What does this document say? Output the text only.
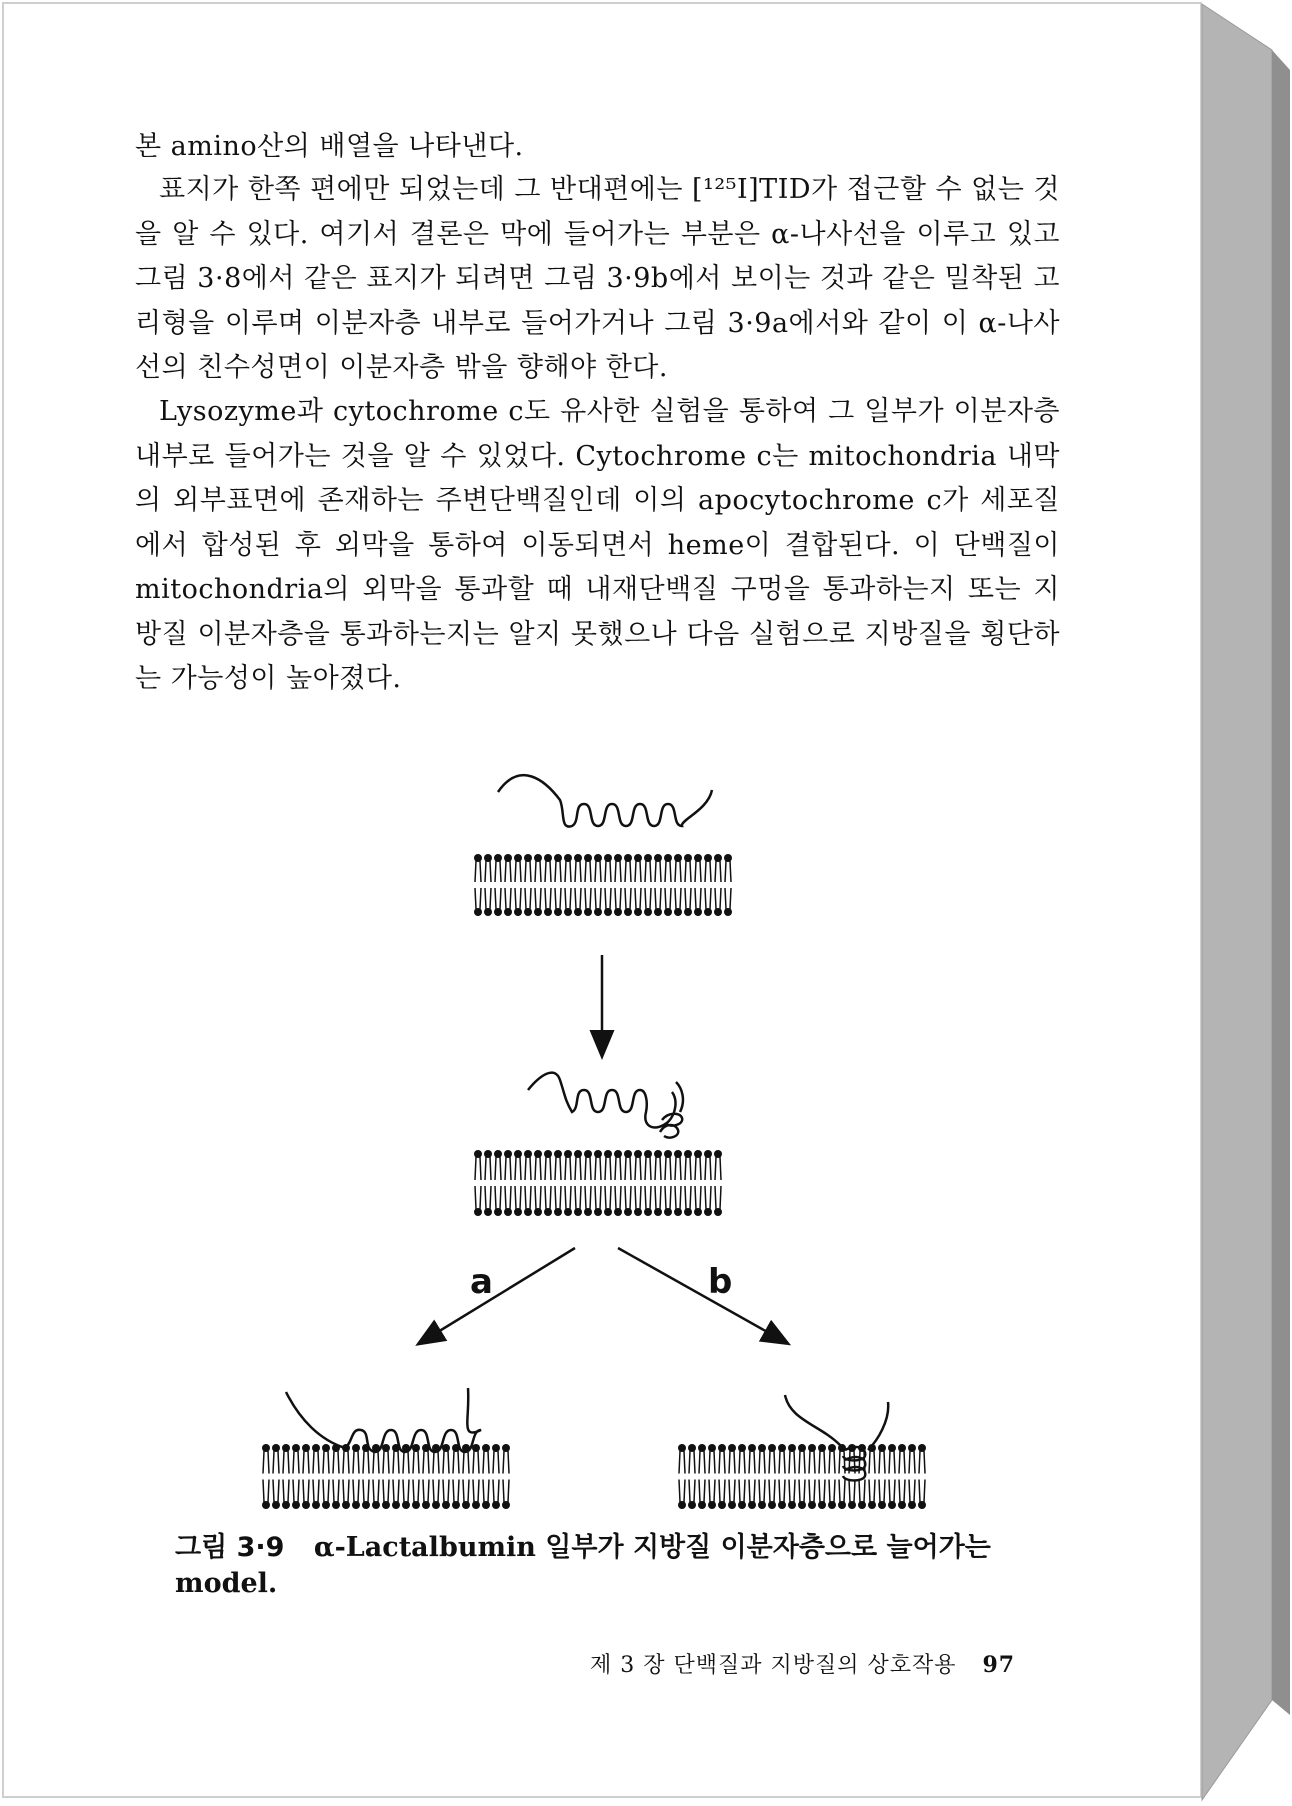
본 amino산의 배열을 나타낸다.

표지가 한쪽 편에만 되었는데 그 반대편에는 [¹²⁵I]TID가 접근할 수 없는 것을 알 수 있다. 여기서 결론은 막에 들어가는 부분은 α-나사선을 이루고 있고 그림 3·8에서 같은 표지가 되려면 그림 3·9b에서 보이는 것과 같은 밀착된 고리형을 이루며 이분자층 내부로 들어가거나 그림 3·9a에서와 같이 이 α-나사선의 친수성면이 이분자층 밖을 향해야 한다.

Lysozyme과 cytochrome c도 유사한 실험을 통하여 그 일부가 이분자층 내부로 들어가는 것을 알 수 있었다. Cytochrome c는 mitochondria 내막의 외부표면에 존재하는 주변단백질인데 이의 apocytochrome c가 세포질에서 합성된 후 외막을 통하여 이동되면서 heme이 결합된다. 이 단백질이 mitochondria의 외막을 통과할 때 내재단백질 구멍을 통과하는지 또는 지방질 이분자층을 통과하는지는 알지 못했으나 다음 실험으로 지방질을 횡단하는 가능성이 높아졌다.

a	b
그림 3·9 α-Lactalbumin 일부가 지방질 이분자층으로 늘어가는 model.
제 3 장 단백질과 지방질의 상호작용 97
